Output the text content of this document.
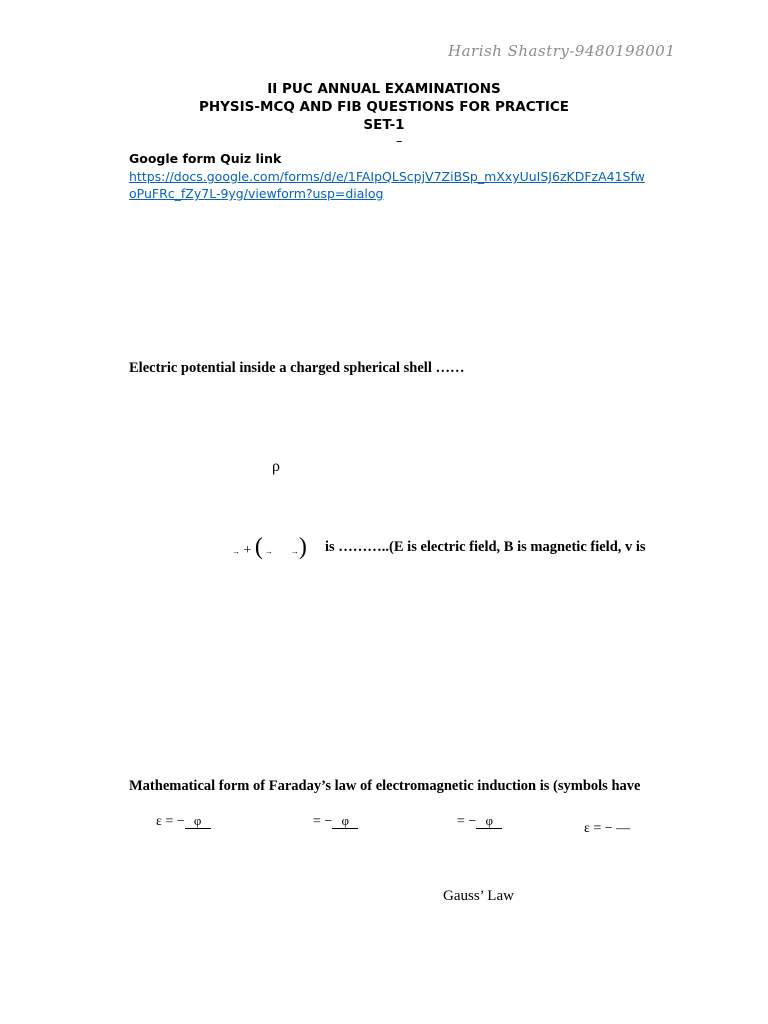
Harish Shastry-9480198001
II PUC ANNUAL EXAMINATIONS
PHYSIS-MCQ AND FIB QUESTIONS FOR PRACTICE
SET-1
–
Google form Quiz link
https://docs.google.com/forms/d/e/1FAIpQLScpjV7ZiBSp_mXxyUuISJ6zKDFzA41Sfw
oPuFRc_fZy7L-9yg/viewform?usp=dialog
Electric potential inside a charged spherical shell ……
ρ
→ + ( → →) is ………..(E is electric field, B is magnetic field, v is
Mathematical form of Faraday’s law of electromagnetic induction is (symbols have
ε = − φ	= − φ	= − φ
ε = − —
Gauss’ Law
